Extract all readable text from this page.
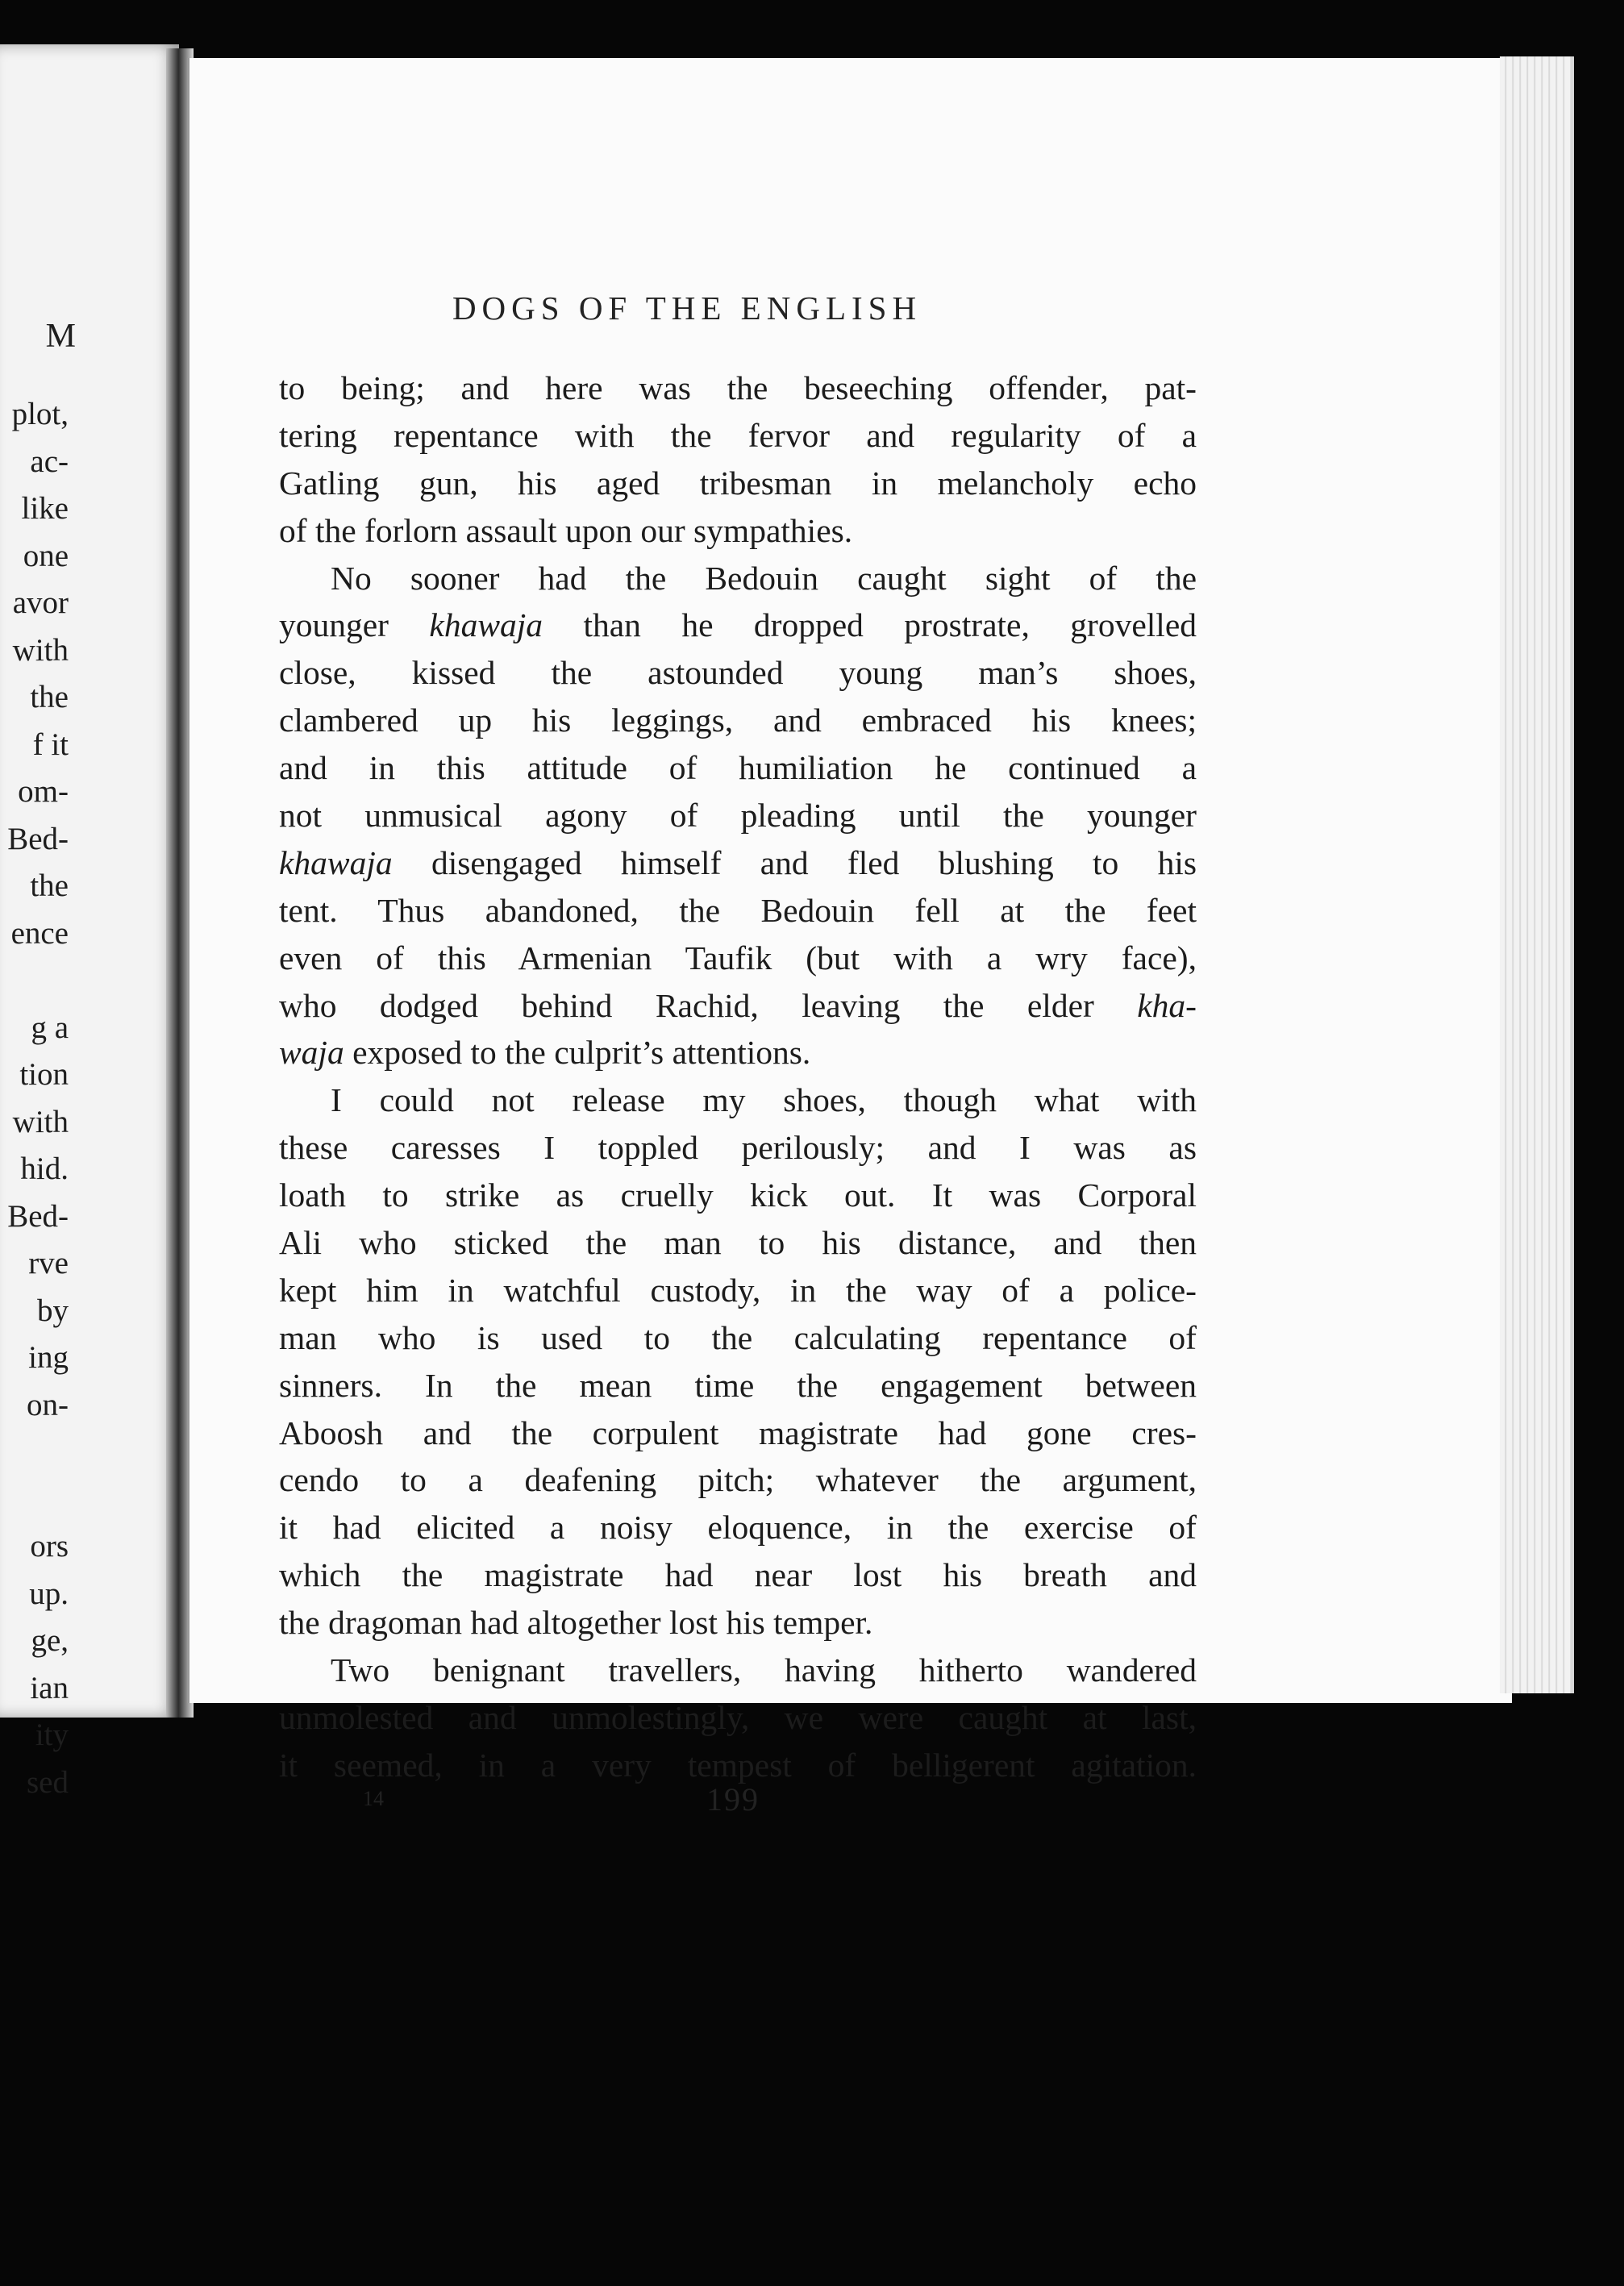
M
plot,
ac-
like
one
avor
with
the
f it
om-
Bed-
the
ence
g a
tion
with
hid.
Bed-
rve
by
ing
on-
ors
up.
ge,
ian
ity
sed
DOGS OF THE ENGLISH
to being; and here was the beseeching offender, pat-
tering repentance with the fervor and regularity of a
Gatling gun, his aged tribesman in melancholy echo
of the forlorn assault upon our sympathies.
No sooner had the Bedouin caught sight of the
younger khawaja than he dropped prostrate, grovelled
close, kissed the astounded young man’s shoes,
clambered up his leggings, and embraced his knees;
and in this attitude of humiliation he continued a
not unmusical agony of pleading until the younger
khawaja disengaged himself and fled blushing to his
tent. Thus abandoned, the Bedouin fell at the feet
even of this Armenian Taufik (but with a wry face),
who dodged behind Rachid, leaving the elder kha-
waja exposed to the culprit’s attentions.
I could not release my shoes, though what with
these caresses I toppled perilously; and I was as
loath to strike as cruelly kick out. It was Corporal
Ali who sticked the man to his distance, and then
kept him in watchful custody, in the way of a police-
man who is used to the calculating repentance of
sinners. In the mean time the engagement between
Aboosh and the corpulent magistrate had gone cres-
cendo to a deafening pitch; whatever the argument,
it had elicited a noisy eloquence, in the exercise of
which the magistrate had near lost his breath and
the dragoman had altogether lost his temper.
Two benignant travellers, having hitherto wandered
unmolested and unmolestingly, we were caught at last,
it seemed, in a very tempest of belligerent agitation.
14	199
